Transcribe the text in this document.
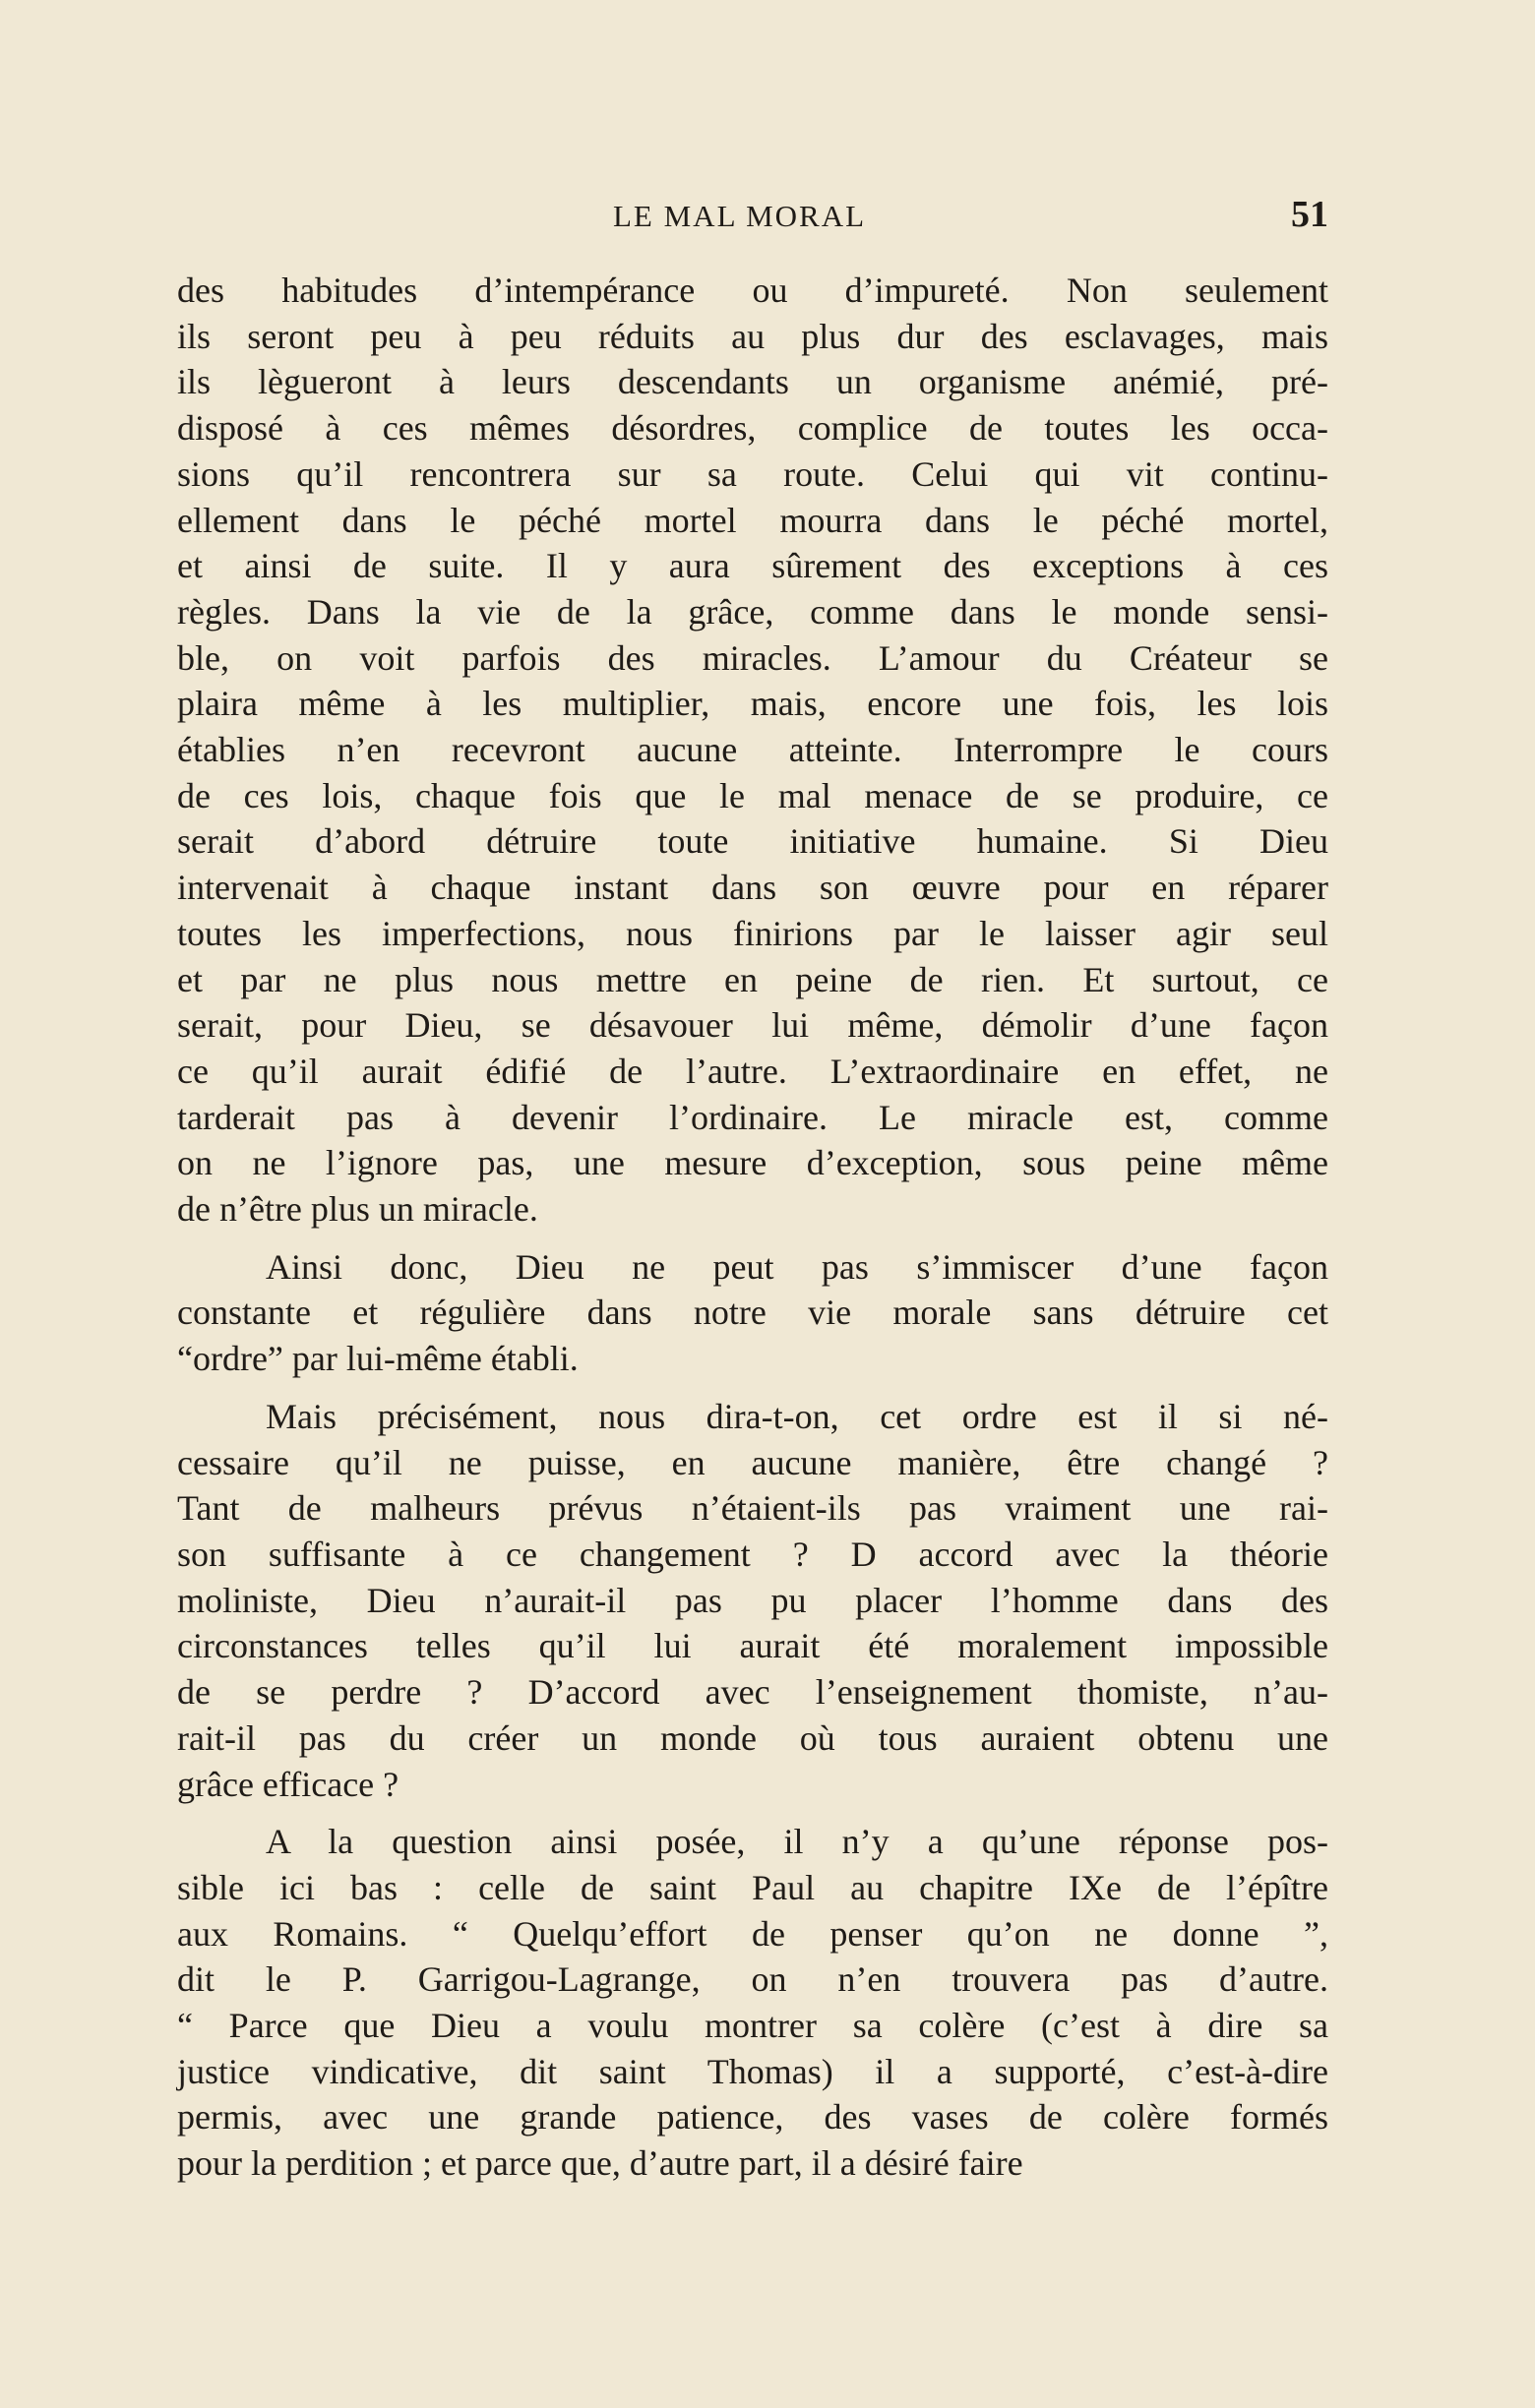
LE MAL MORAL	51

des habitudes d’intempérance ou d’impureté. Non seulement
ils seront peu à peu réduits au plus dur des esclavages, mais
ils lègueront à leurs descendants un organisme anémié, pré-
disposé à ces mêmes désordres, complice de toutes les occa-
sions qu’il rencontrera sur sa route. Celui qui vit continu-
ellement dans le péché mortel mourra dans le péché mortel,
et ainsi de suite. Il y aura sûrement des exceptions à ces
règles. Dans la vie de la grâce, comme dans le monde sensi-
ble, on voit parfois des miracles. L’amour du Créateur se
plaira même à les multiplier, mais, encore une fois, les lois
établies n’en recevront aucune atteinte. Interrompre le cours
de ces lois, chaque fois que le mal menace de se produire, ce
serait d’abord détruire toute initiative humaine. Si Dieu
intervenait à chaque instant dans son œuvre pour en réparer
toutes les imperfections, nous finirions par le laisser agir seul
et par ne plus nous mettre en peine de rien. Et surtout, ce
serait, pour Dieu, se désavouer lui même, démolir d’une façon
ce qu’il aurait édifié de l’autre. L’extraordinaire en effet, ne
tarderait pas à devenir l’ordinaire. Le miracle est, comme
on ne l’ignore pas, une mesure d’exception, sous peine même
de n’être plus un miracle.

Ainsi donc, Dieu ne peut pas s’immiscer d’une façon
constante et régulière dans notre vie morale sans détruire cet
“ordre” par lui-même établi.

Mais précisément, nous dira-t-on, cet ordre est il si né-
cessaire qu’il ne puisse, en aucune manière, être changé ?
Tant de malheurs prévus n’étaient-ils pas vraiment une rai-
son suffisante à ce changement ? D accord avec la théorie
moliniste, Dieu n’aurait-il pas pu placer l’homme dans des
circonstances telles qu’il lui aurait été moralement impossible
de se perdre ? D’accord avec l’enseignement thomiste, n’au-
rait-il pas du créer un monde où tous auraient obtenu une
grâce efficace ?

A la question ainsi posée, il n’y a qu’une réponse pos-
sible ici bas : celle de saint Paul au chapitre IXe de l’épître
aux Romains. “ Quelqu’effort de penser qu’on ne donne ”,
dit le P. Garrigou-Lagrange, on n’en trouvera pas d’autre.
“ Parce que Dieu a voulu montrer sa colère (c’est à dire sa
justice vindicative, dit saint Thomas) il a supporté, c’est-à-dire
permis, avec une grande patience, des vases de colère formés
pour la perdition ; et parce que, d’autre part, il a désiré faire
